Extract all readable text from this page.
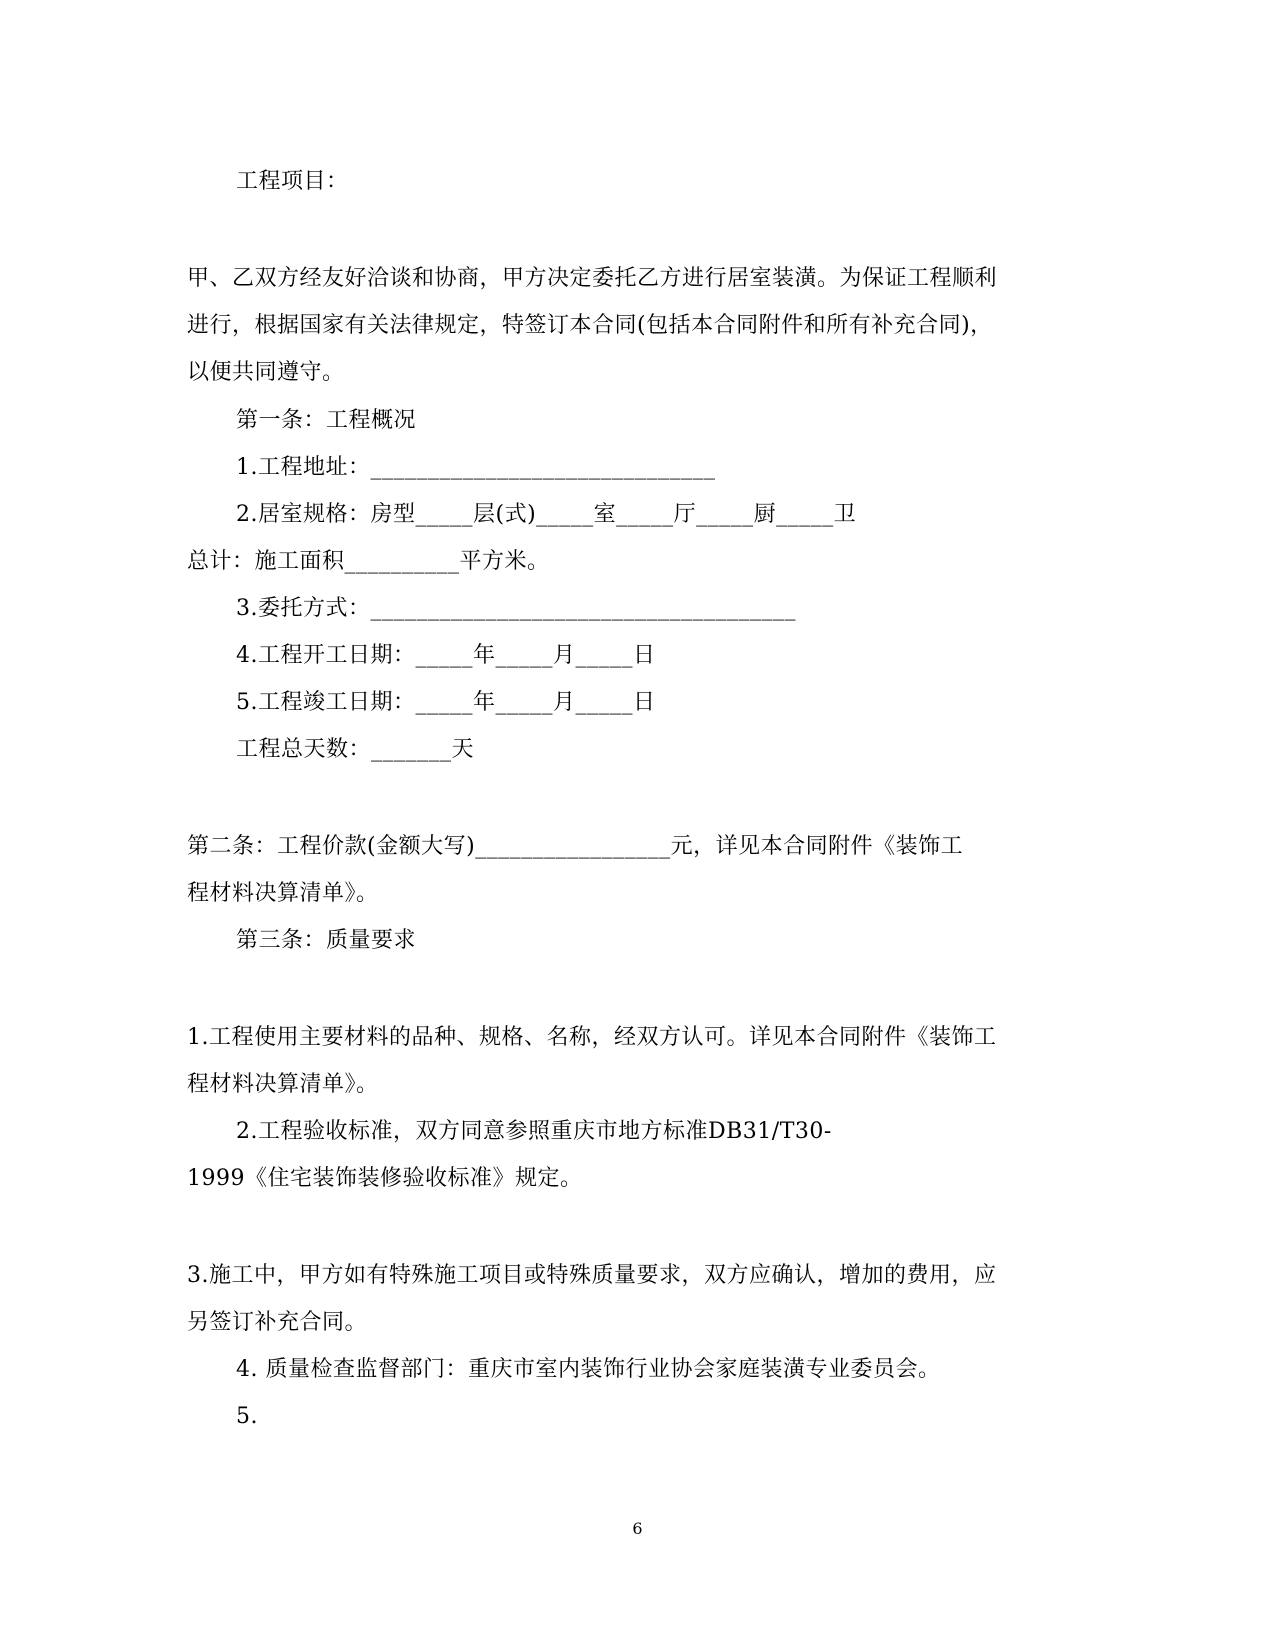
工程项目：
甲、乙双方经友好洽谈和协商，甲方决定委托乙方进行居室装潢。为保证工程顺利
进行，根据国家有关法律规定，特签订本合同(包括本合同附件和所有补充合同)，
以便共同遵守。
第一条：工程概况
1.工程地址：______________________________
2.居室规格：房型_____层(式)_____室_____厅_____厨_____卫
总计：施工面积__________平方米。
3.委托方式：_____________________________________
4.工程开工日期：_____年_____月_____日
5.工程竣工日期：_____年_____月_____日
工程总天数：_______天
第二条：工程价款(金额大写)_________________元，详见本合同附件《装饰工
程材料决算清单》。
第三条：质量要求
1.工程使用主要材料的品种、规格、名称，经双方认可。详见本合同附件《装饰工
程材料决算清单》。
2.工程验收标准，双方同意参照重庆市地方标准DB31/T30-
1999《住宅装饰装修验收标准》规定。
3.施工中，甲方如有特殊施工项目或特殊质量要求，双方应确认，增加的费用，应
另签订补充合同。
4. 质量检查监督部门：重庆市室内装饰行业协会家庭装潢专业委员会。
5.
6
